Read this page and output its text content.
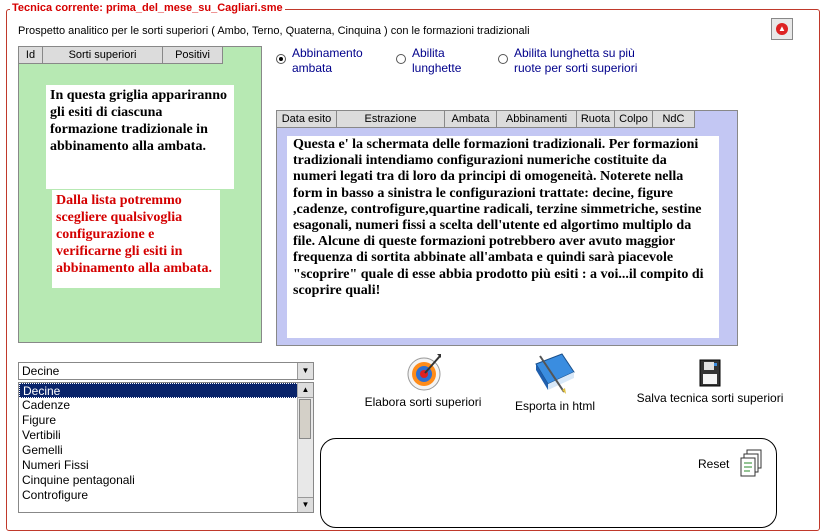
Tecnica corrente: prima_del_mese_su_Cagliari.sme
Prospetto analitico per le sorti superiori ( Ambo, Terno, Quaterna, Cinquina ) con le formazioni tradizionali	▲
Id	Sorti superiori	Positivi
In questa griglia appariranno gli esiti di ciascuna formazione tradizionale in abbinamento alla ambata.
Dalla lista potremmo scegliere qualsivoglia configurazione e verificarne gli esiti in abbinamento alla ambata.
Abbinamento ambata
Abilita lunghette
Abilita lunghetta su più ruote per sorti superiori
Data esito	Estrazione	Ambata	Abbinamenti	Ruota Colpo	NdC
Questa e' la schermata delle formazioni tradizionali. Per formazioni tradizionali intendiamo configurazioni numeriche costituite da numeri legati tra di loro da principi di omogeneità. Noterete nella form in basso a sinistra le configurazioni trattate: decine, figure ,cadenze, controfigure,quartine radicali, terzine simmetriche, sestine esagonali, numeri fissi a scelta dell'utente ed algortimo multiplo da file. Alcune di queste formazioni potrebbero aver avuto maggior frequenza di sortita abbinate all'ambata e quindi sarà piacevole "scoprire" quale di esse abbia prodotto più esiti : a voi...il compito di scoprire quali!
Decine	▼
Decine
Cadenze
Figure
Vertibili
Gemelli
Numeri Fissi
Cinquine pentagonali
Controfigure
▲
▼
Elabora sorti superiori	Esporta in html
Salva tecnica sorti superiori
Reset
